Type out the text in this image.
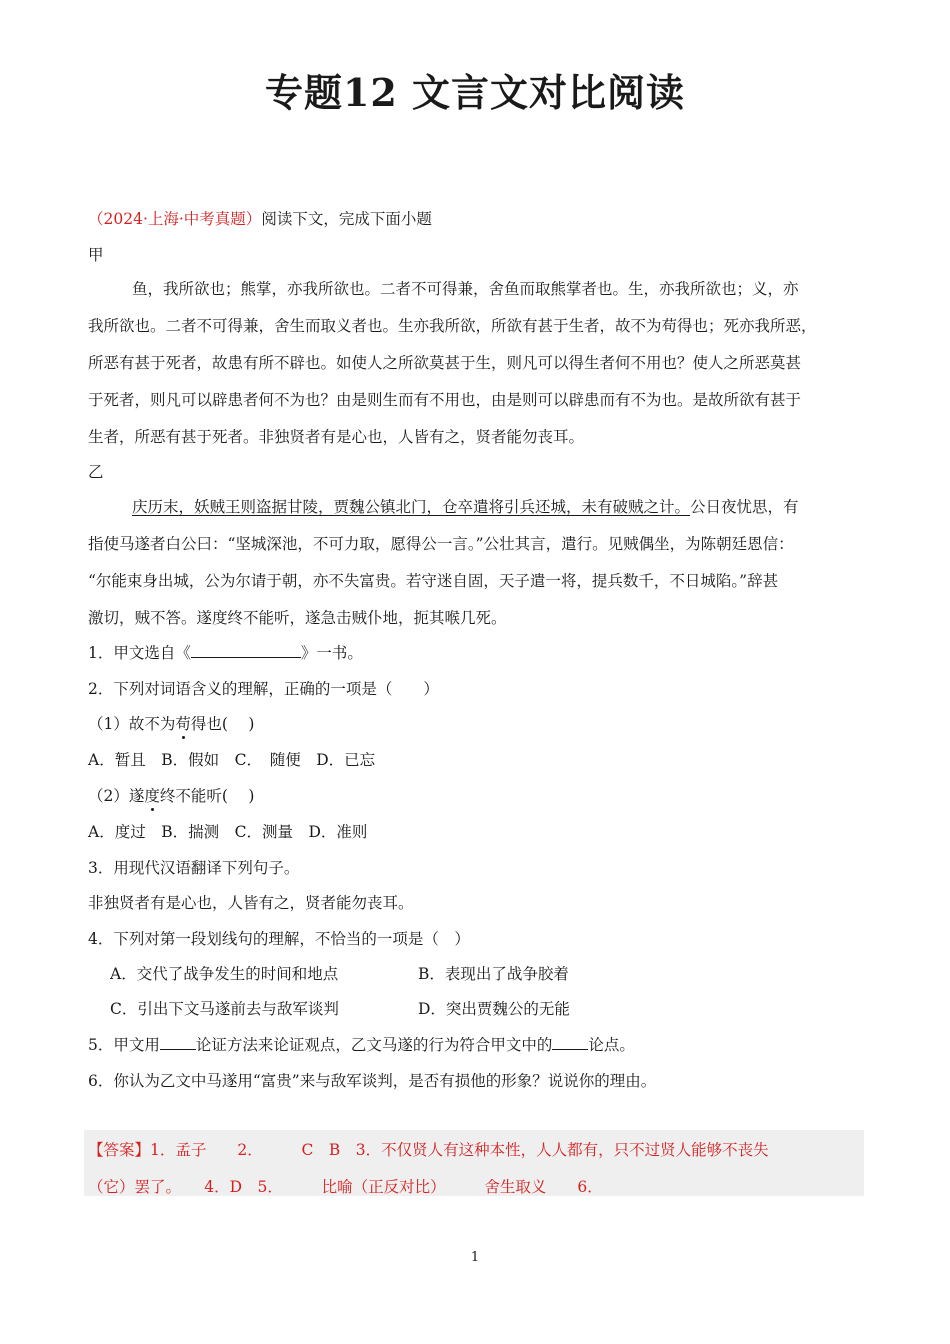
专题12 文言文对比阅读
（2024·上海·中考真题）阅读下文，完成下面小题
甲
鱼，我所欲也；熊掌，亦我所欲也。二者不可得兼，舍鱼而取熊掌者也。生，亦我所欲也；义，亦
我所欲也。二者不可得兼，舍生而取义者也。生亦我所欲，所欲有甚于生者，故不为苟得也；死亦我所恶，
所恶有甚于死者，故患有所不辟也。如使人之所欲莫甚于生，则凡可以得生者何不用也？使人之所恶莫甚
于死者，则凡可以辟患者何不为也？由是则生而有不用也，由是则可以辟患而有不为也。是故所欲有甚于
生者，所恶有甚于死者。非独贤者有是心也，人皆有之，贤者能勿丧耳。
乙
庆历末，妖贼王则盗据甘陵，贾魏公镇北门，仓卒遣将引兵还城，未有破贼之计。公日夜忧思，有
指使马遂者白公曰：“坚城深池，不可力取，愿得公一言。”公壮其言，遣行。见贼偶坐，为陈朝廷恩信：
“尔能束身出城，公为尔请于朝，亦不失富贵。若守迷自固，天子遣一将，提兵数千，不日城陷。”辞甚
激切，贼不答。遂度终不能听，遂急击贼仆地，扼其喉几死。
1．甲文选自《	》一书。
2．下列对词语含义的理解，正确的一项是（　　）
（1）故不为苟得也(　 )
A．暂且　B．假如　C．　随便　D．已忘
（2）遂度终不能听(　 )
A．度过　B．揣测　C．测量　D．准则
3．用现代汉语翻译下列句子。
非独贤者有是心也，人皆有之，贤者能勿丧耳。
4．下列对第一段划线句的理解，不恰当的一项是（　）
A．交代了战争发生的时间和地点	B．表现出了战争胶着
C．引出下文马遂前去与敌军谈判	D．突出贾魏公的无能
5．甲文用 论证方法来论证观点，乙文马遂的行为符合甲文中的 论点。
6．你认为乙文中马遂用“富贵”来与敌军谈判，是否有损他的形象？说说你的理由。
【答案】1．孟子　　2．　　　C　B　3．不仅贤人有这种本性，人人都有，只不过贤人能够不丧失
（它）罢了。　　4．D　5．　　　比喻（正反对比）　　　舍生取义　　6．
1
